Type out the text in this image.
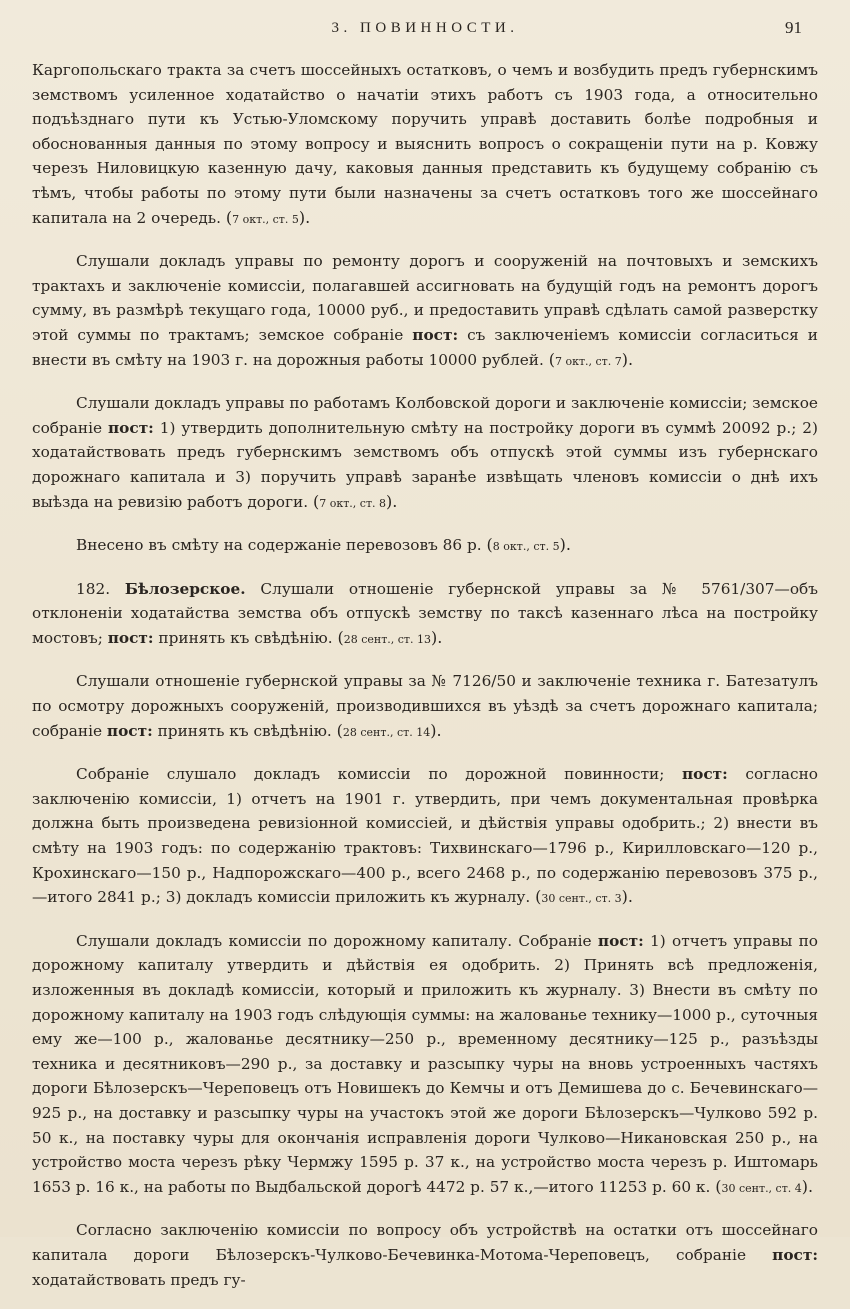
3. ПОВИННОСТИ.	91

Каргопольскаго тракта за счетъ шоссейныхъ остатковъ, о чемъ и возбудить предъ губернскимъ земствомъ усиленное ходатайство о начатіи этихъ работъ съ 1903 года, а относительно подъѣзднаго пути къ Устью-Уломскому поручить управѣ доставить болѣе подробныя и обоснованныя данныя по этому вопросу и выяснить вопросъ о сокращеніи пути на р. Ковжу черезъ Ниловицкую казенную дачу, каковыя данныя представить къ будущему собранію съ тѣмъ, чтобы работы по этому пути были назначены за счетъ остатковъ того же шоссейнаго капитала на 2 очередь. (7 окт., ст. 5).

Слушали докладъ управы по ремонту дорогъ и сооруженій на почтовыхъ и земскихъ трактахъ и заключеніе комиссіи, полагавшей ассигновать на будущій годъ на ремонтъ дорогъ сумму, въ размѣрѣ текущаго года, 10000 руб., и предоставить управѣ сдѣлать самой разверстку этой суммы по трактамъ; земское собраніе пост: съ заключеніемъ комиссіи согласиться и внести въ смѣту на 1903 г. на дорожныя работы 10000 рублей. (7 окт., ст. 7).

Слушали докладъ управы по работамъ Колбовской дороги и заключеніе комиссіи; земское собраніе пост: 1) утвердить дополнительную смѣту на постройку дороги въ суммѣ 20092 р.; 2) ходатайствовать предъ губернскимъ земствомъ объ отпускѣ этой суммы изъ губернскаго дорожнаго капитала и 3) поручить управѣ заранѣе извѣщать членовъ комиссіи о днѣ ихъ выѣзда на ревизію работъ дороги. (7 окт., ст. 8).

Внесено въ смѣту на содержаніе перевозовъ 86 р. (8 окт., ст. 5).

182. Бѣлозерское. Слушали отношеніе губернской управы за № 5761/307—объ отклоненіи ходатайства земства объ отпускѣ земству по таксѣ казеннаго лѣса на постройку мостовъ; пост: принять къ свѣдѣнію. (28 сент., ст. 13).

Слушали отношеніе губернской управы за № 7126/50 и заключеніе техника г. Батезатулъ по осмотру дорожныхъ сооруженій, производившихся въ уѣздѣ за счетъ дорожнаго капитала; собраніе пост: принять къ свѣдѣнію. (28 сент., ст. 14).

Собраніе слушало докладъ комиссіи по дорожной повинности; пост: согласно заключенію комиссіи, 1) отчетъ на 1901 г. утвердить, при чемъ документальная провѣрка должна быть произведена ревизіонной комиссіей, и дѣйствія управы одобрить.; 2) внести въ смѣту на 1903 годъ: по содержанію трактовъ: Тихвинскаго—1796 р., Кирилловскаго—120 р., Крохинскаго—150 р., Надпорожскаго—400 р., всего 2468 р., по содержанію перевозовъ 375 р.,—итого 2841 р.; 3) докладъ комиссіи приложить къ журналу. (30 сент., ст. 3).

Слушали докладъ комиссіи по дорожному капиталу. Собраніе пост: 1) отчетъ управы по дорожному капиталу утвердить и дѣйствія ея одобрить. 2) Принять всѣ предложенія, изложенныя въ докладѣ комиссіи, который и приложить къ журналу. 3) Внести въ смѣту по дорожному капиталу на 1903 годъ слѣдующія суммы: на жалованье технику—1000 р., суточныя ему же—100 р., жалованье десятнику—250 р., временному десятнику—125 р., разъѣзды техника и десятниковъ—290 р., за доставку и разсыпку чуры на вновь устроенныхъ частяхъ дороги Бѣлозерскъ—Череповецъ отъ Новишекъ до Кемчы и отъ Демишева до с. Бечевинскаго—925 р., на доставку и разсыпку чуры на участокъ этой же дороги Бѣлозерскъ—Чулково 592 р. 50 к., на поставку чуры для окончанія исправленія дороги Чулково—Никановская 250 р., на устройство моста черезъ рѣку Чермжу 1595 р. 37 к., на устройство моста черезъ р. Иштомарь 1653 р. 16 к., на работы по Выдбальской дорогѣ 4472 р. 57 к.,—итого 11253 р. 60 к. (30 сент., ст. 4).

Согласно заключенію комиссіи по вопросу объ устройствѣ на остатки отъ шоссейнаго капитала дороги Бѣлозерскъ-Чулково-Бечевинка-Мотома-Череповецъ, собраніе пост: ходатайствовать предъ гу-
